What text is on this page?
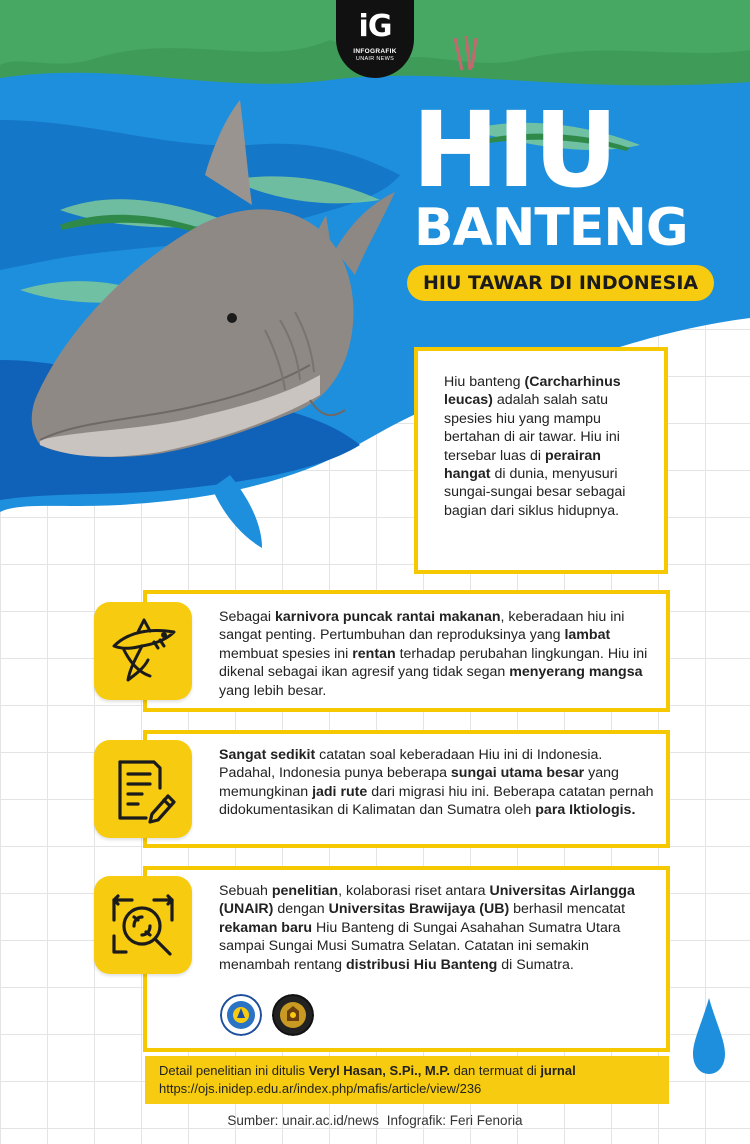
iG
INFOGRAFIK
UNAIR NEWS
HIU
BANTENG
HIU TAWAR DI INDONESIA
Hiu banteng (Carcharhinus leucas) adalah salah satu spesies hiu yang mampu bertahan di air tawar. Hiu ini tersebar luas di perairan hangat di dunia, menyusuri sungai-sungai besar sebagai bagian dari siklus hidupnya.
Sebagai karnivora puncak rantai makanan, keberadaan hiu ini sangat penting. Pertumbuhan dan reproduksinya yang lambat membuat spesies ini rentan terhadap perubahan lingkungan. Hiu ini dikenal sebagai ikan agresif yang tidak segan menyerang mangsa yang lebih besar.
Sangat sedikit catatan soal keberadaan Hiu ini di Indonesia. Padahal, Indonesia punya beberapa sungai utama besar yang memungkinan jadi rute dari migrasi hiu ini. Beberapa catatan pernah didokumentasikan di Kalimatan dan Sumatra oleh para Iktiologis.
Sebuah penelitian, kolaborasi riset antara Universitas Airlangga (UNAIR) dengan Universitas Brawijaya (UB) berhasil mencatat rekaman baru Hiu Banteng di Sungai Asahahan Sumatra Utara sampai Sungai Musi Sumatra Selatan. Catatan ini semakin menambah rentang distribusi Hiu Banteng di Sumatra.
Detail penelitian ini ditulis Veryl Hasan, S.Pi., M.P. dan termuat di jurnal
https://ojs.inidep.edu.ar/index.php/mafis/article/view/236
Sumber: unair.ac.id/news Infografik: Feri Fenoria
